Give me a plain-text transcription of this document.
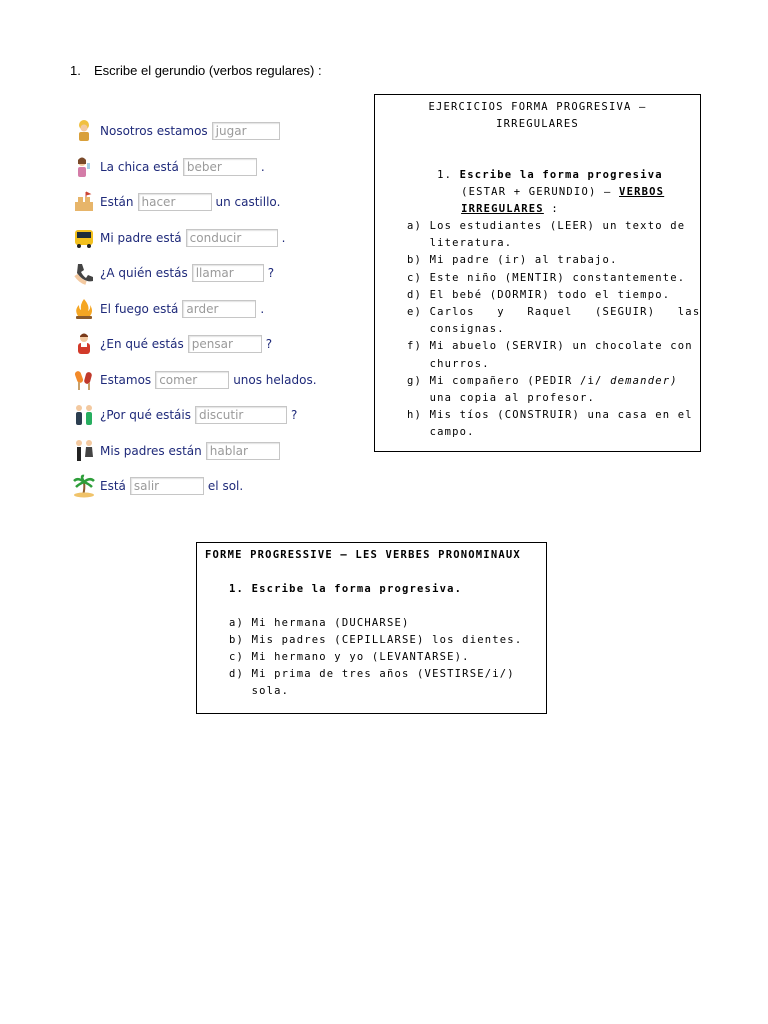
1. Escribe el gerundio (verbos regulares) :
Nosotros estamos jugar
La chica está beber	.
Están hacer	un castillo.
Mi padre está conducir	.
¿A quién estás llamar	?
El fuego está arder	.
¿En qué estás pensar	?
Estamos comer	unos helados.
¿Por qué estáis discutir	?
Mis padres están hablar
Está salir	el sol.
EJERCICIOS FORMA PROGRESIVA –
IRREGULARES

1. Escribe la forma progresiva

(ESTAR + GERUNDIO) – VERBOS

IRREGULARES :

a) Los estudiantes (LEER) un texto de
literatura.
b) Mi padre (ir) al trabajo.
c) Este niño (MENTIR) constantemente.
d) El bebé (DORMIR) todo el tiempo.
e) Carlos   y   Raquel   (SEGUIR)   las
consignas.
f) Mi abuelo (SERVIR) un chocolate con
churros.
g) Mi compañero (PEDIR /i/ demander)
una copia al profesor.
h) Mis tíos (CONSTRUIR) una casa en el
campo.
FORME PROGRESSIVE – LES VERBES PRONOMINAUX
1. Escribe la forma progresiva.
a) Mi hermana (DUCHARSE)
b) Mis padres (CEPILLARSE) los dientes.
c) Mi hermano y yo (LEVANTARSE).
d) Mi prima de tres años (VESTIRSE/i/)
sola.
